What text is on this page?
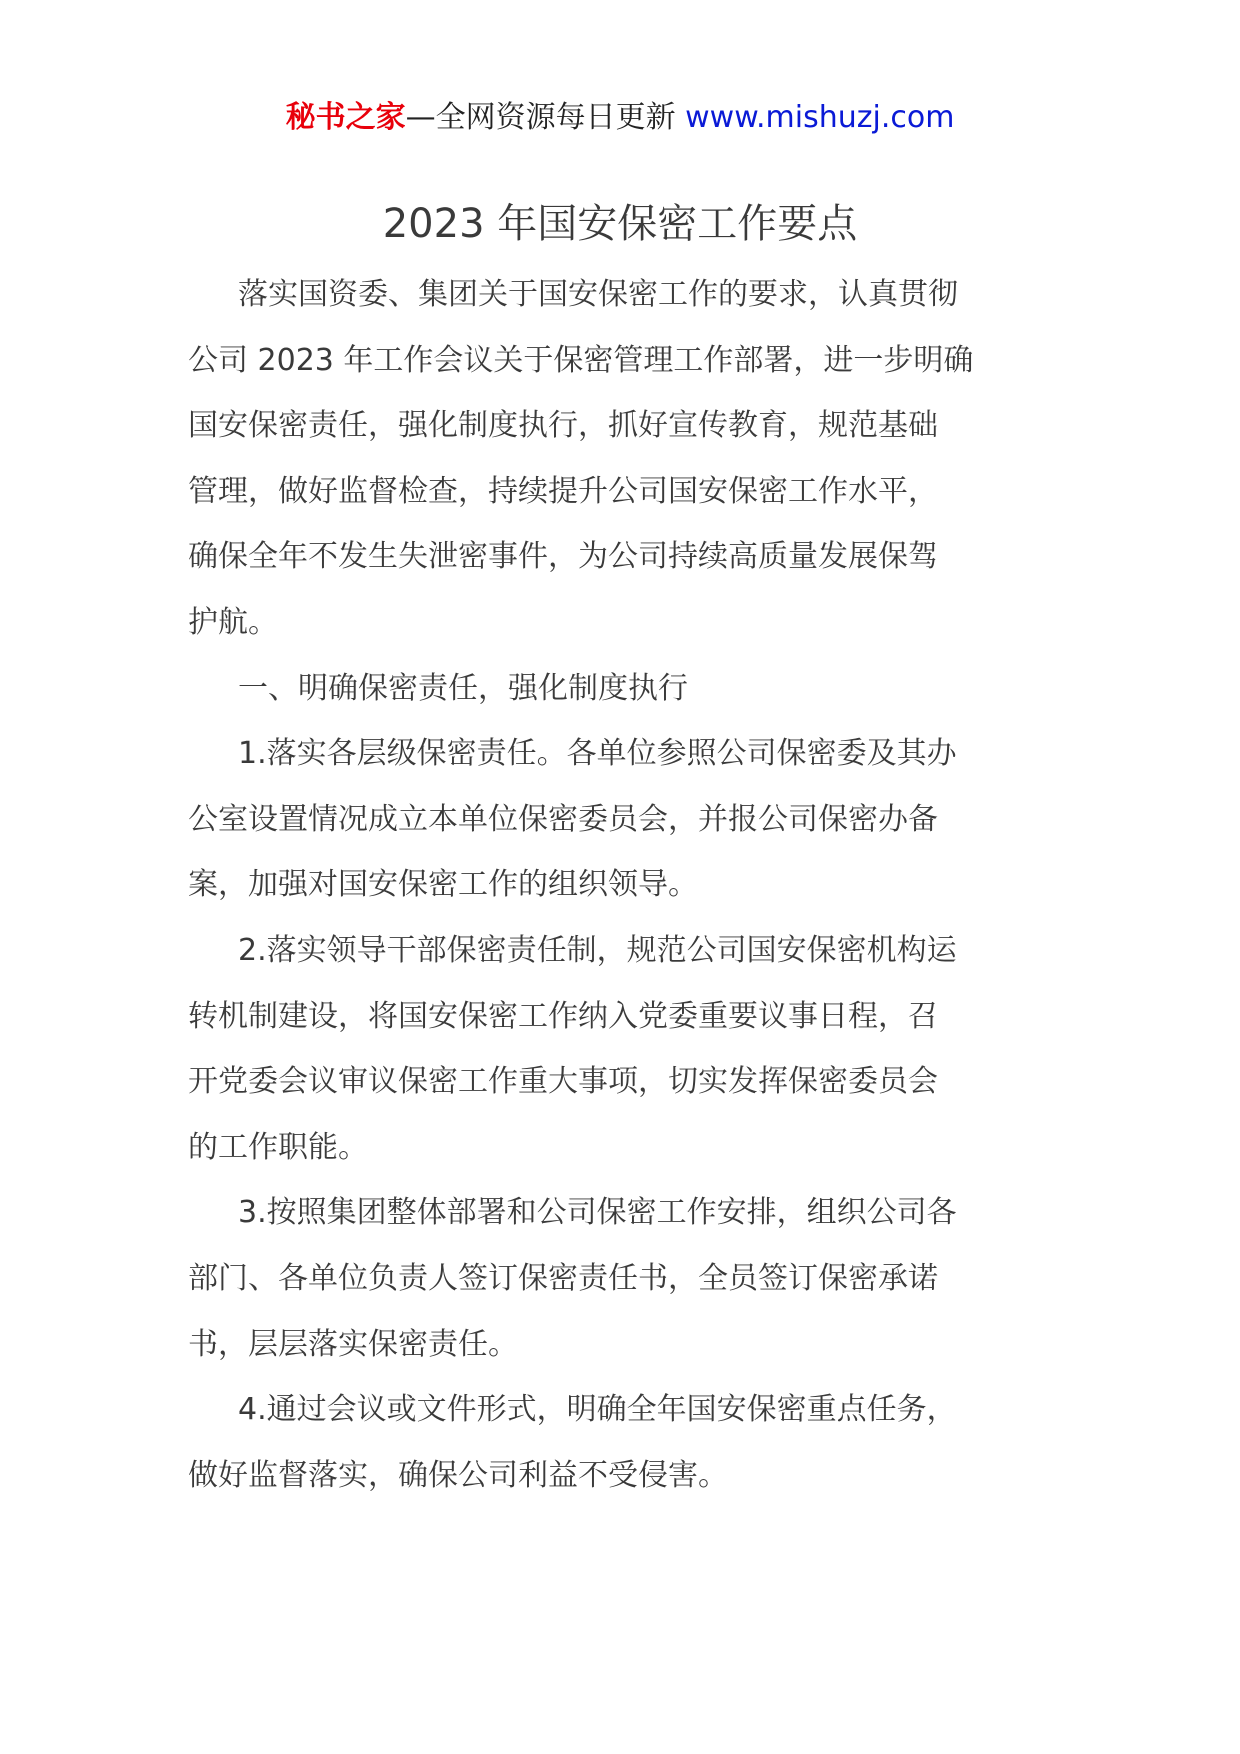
秘书之家—全网资源每日更新 www.mishuzj.com
2023 年国安保密工作要点
落实国资委、集团关于国安保密工作的要求，认真贯彻
公司 2023 年工作会议关于保密管理工作部署，进一步明确
国安保密责任，强化制度执行，抓好宣传教育，规范基础
管理，做好监督检查，持续提升公司国安保密工作水平，
确保全年不发生失泄密事件，为公司持续高质量发展保驾
护航。
一、明确保密责任，强化制度执行
1.落实各层级保密责任。各单位参照公司保密委及其办
公室设置情况成立本单位保密委员会，并报公司保密办备
案，加强对国安保密工作的组织领导。
2.落实领导干部保密责任制，规范公司国安保密机构运
转机制建设，将国安保密工作纳入党委重要议事日程，召
开党委会议审议保密工作重大事项，切实发挥保密委员会
的工作职能。
3.按照集团整体部署和公司保密工作安排，组织公司各
部门、各单位负责人签订保密责任书，全员签订保密承诺
书，层层落实保密责任。
4.通过会议或文件形式，明确全年国安保密重点任务，
做好监督落实，确保公司利益不受侵害。
